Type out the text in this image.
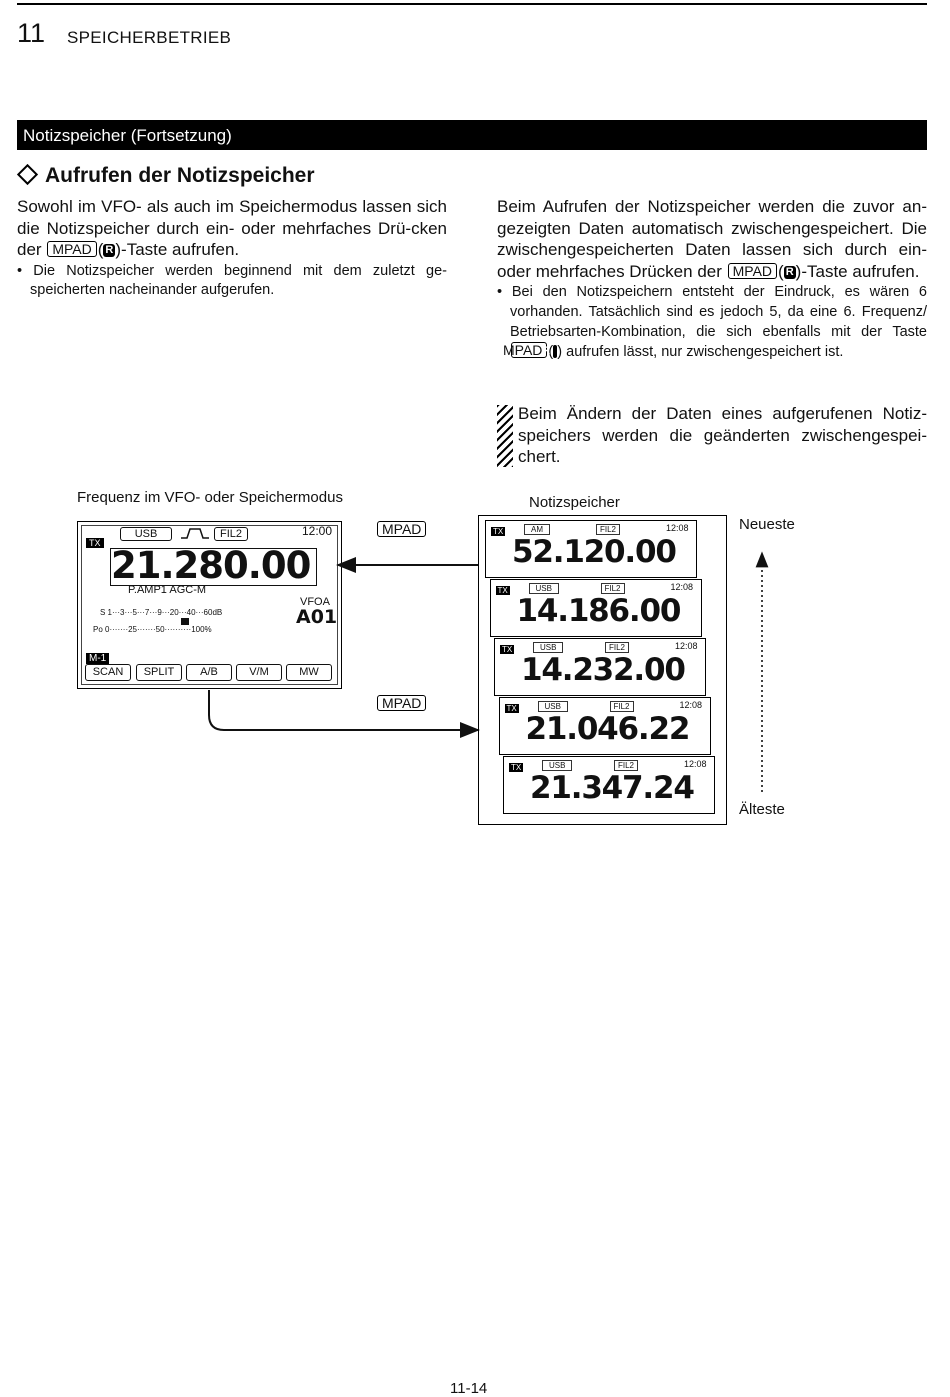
11 SPEICHERBETRIEB
Notizspeicher (Fortsetzung)
Aufrufen der Notizspeicher

Sowohl im VFO- als auch im Speichermodus lassen sich die Notizspeicher durch ein- oder mehrfaches Drü-cken der MPAD ( R )-Taste aufrufen.

• Die Notizspeicher werden beginnend mit dem zuletzt ge-speicherten nacheinander aufgerufen.

Beim Aufrufen der Notizspeicher werden die zuvor an-gezeigten Daten automatisch zwischengespeichert. Die zwischengespeicherten Daten lassen sich durch ein- oder mehrfaches Drücken der MPAD ( R )-Taste aufrufen.

• Bei den Notizspeichern entsteht der Eindruck, es wären 6 vorhanden. Tatsächlich sind es jedoch 5, da eine 6. Frequenz/ Betriebsarten-Kombination, die sich ebenfalls mit der Taste MPAD (R ) aufrufen lässt, nur zwischengespeichert ist.

Beim Ändern der Daten eines aufgerufenen Notiz-speichers werden die geänderten zwischengespei-chert.

Frequenz im VFO- oder Speichermodus	Notizspeicher
Neueste
Älteste
MPAD
MPAD
TX
USB	FIL2	12:00
21.280.00
P.AMP1 AGC-M
VFOA
A01
S 1···3···5···7···9···20···40···60dB
Po 0·······25·······50··········100%
M-1
SCAN	SPLIT	A/B	V/M	MW
TX	AM	FIL2	12:08
52.120.00
TX	USB	FIL2	12:08
14.186.00
TX	USB	FIL2	12:08
14.232.00
TX	USB	FIL2	12:08
21.046.22
TX	USB	FIL2	12:08
21.347.24
11-14
